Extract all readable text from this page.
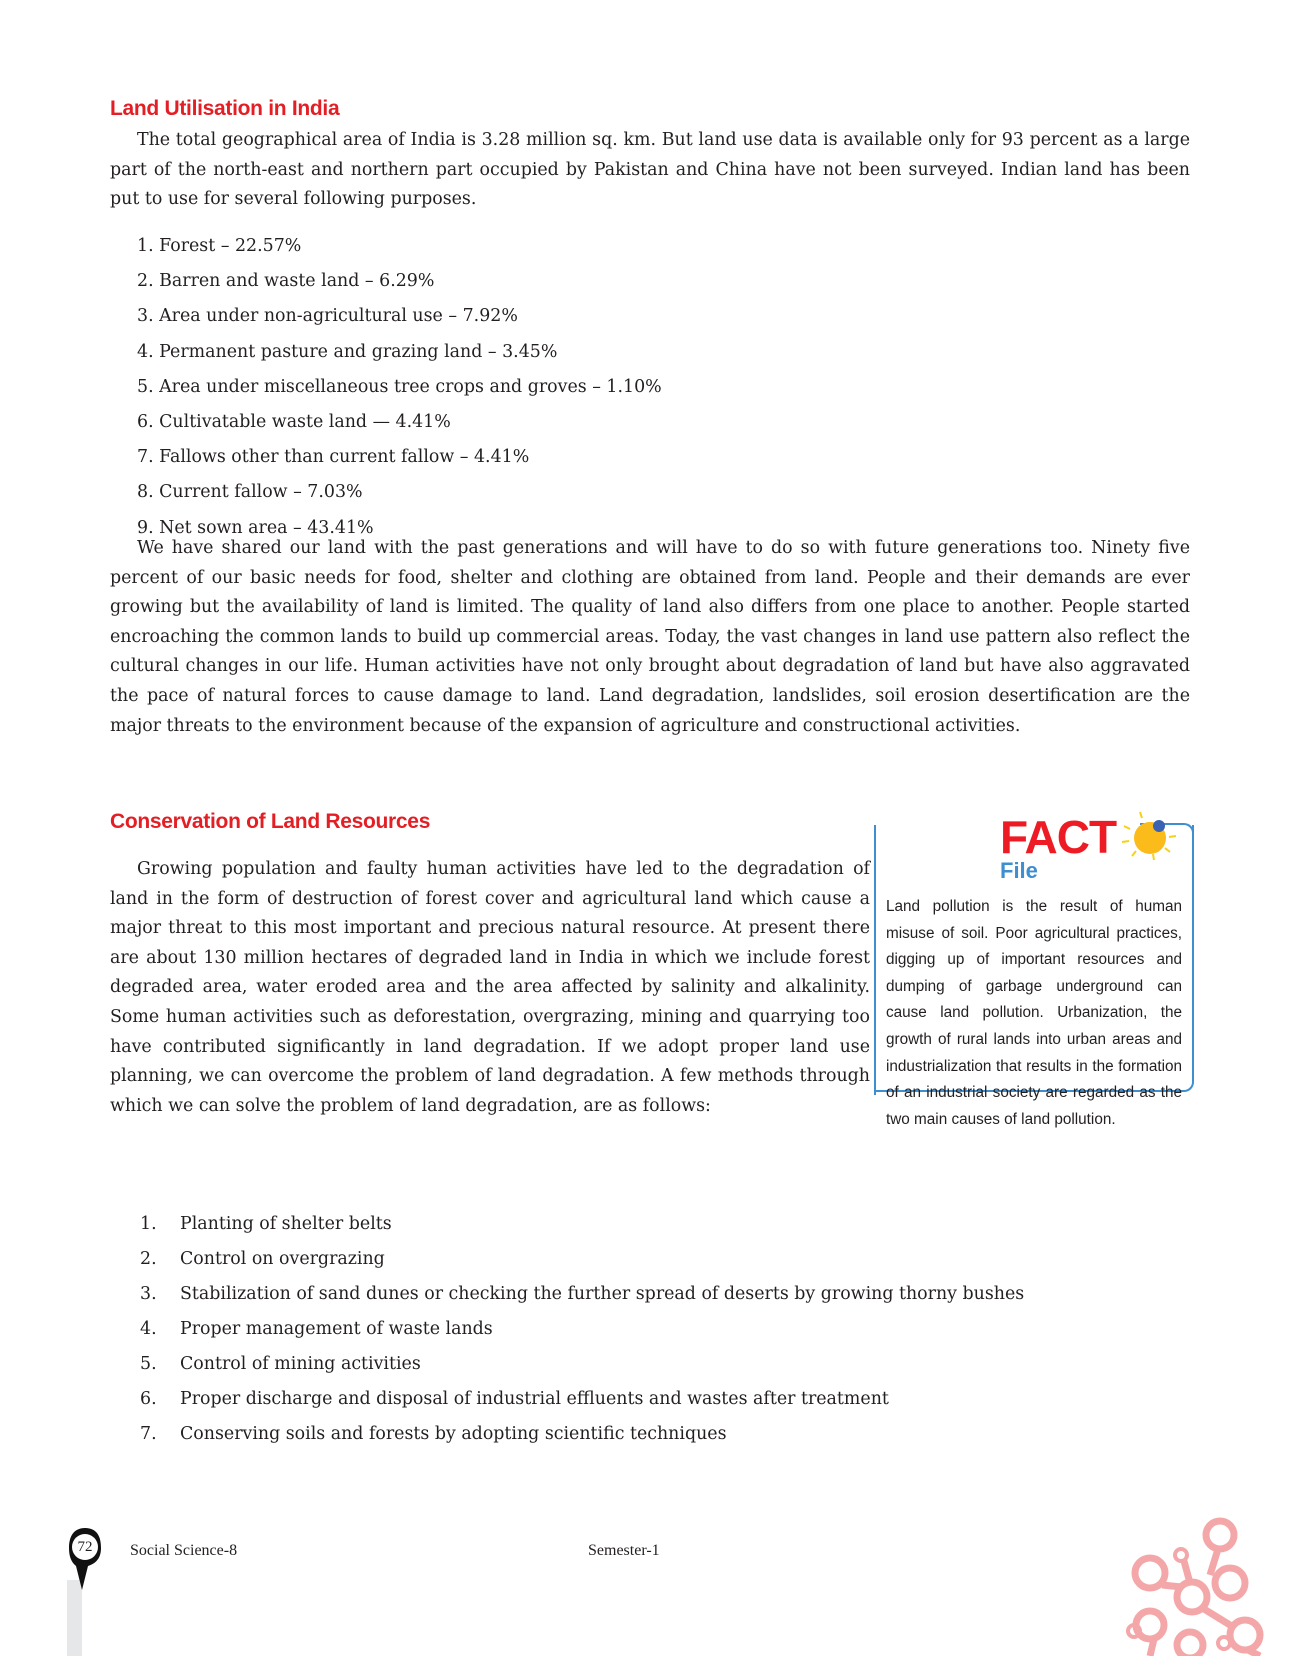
Land Utilisation in India

The total geographical area of India is 3.28 million sq. km. But land use data is available only for 93 percent as a large part of the north-east and northern part occupied by Pakistan and China have not been surveyed. Indian land has been put to use for several following purposes.

1. Forest – 22.57%
2. Barren and waste land – 6.29%
3. Area under non-agricultural use – 7.92%
4. Permanent pasture and grazing land – 3.45%
5. Area under miscellaneous tree crops and groves – 1.10%
6. Cultivatable waste land — 4.41%
7. Fallows other than current fallow – 4.41%
8. Current fallow – 7.03%
9. Net sown area – 43.41%

We have shared our land with the past generations and will have to do so with future generations too. Ninety five percent of our basic needs for food, shelter and clothing are obtained from land. People and their demands are ever growing but the availability of land is limited. The quality of land also differs from one place to another. People started encroaching the common lands to build up commercial areas. Today, the vast changes in land use pattern also reflect the cultural changes in our life. Human activities have not only brought about degradation of land but have also aggravated the pace of natural forces to cause damage to land. Land degradation, landslides, soil erosion desertification are the major threats to the environment because of the expansion of agriculture and constructional activities.

Conservation of Land Resources

Growing population and faulty human activities have led to the degradation of land in the form of destruction of forest cover and agricultural land which cause a major threat to this most important and precious natural resource. At present there are about 130 million hectares of degraded land in India in which we include forest degraded area, water eroded area and the area affected by salinity and alkalinity. Some human activities such as deforestation, overgrazing, mining and quarrying too have contributed significantly in land degradation. If we adopt proper land use planning, we can overcome the problem of land degradation. A few methods through which we can solve the problem of land degradation, are as follows:

FACT
File
Land pollution is the result of human misuse of soil. Poor agricultural practices, digging up of important resources and dumping of garbage underground can cause land pollution. Urbanization, the growth of rural lands into urban areas and industrialization that results in the formation of an industrial society are regarded as the two main causes of land pollution.
1.	Planting of shelter belts
2.	Control on overgrazing
3.	Stabilization of sand dunes or checking the further spread of deserts by growing thorny bushes
4.	Proper management of waste lands
5.	Control of mining activities
6.	Proper discharge and disposal of industrial effluents and wastes after treatment
7.	Conserving soils and forests by adopting scientific techniques
72	Social Science-8	Semester-1
